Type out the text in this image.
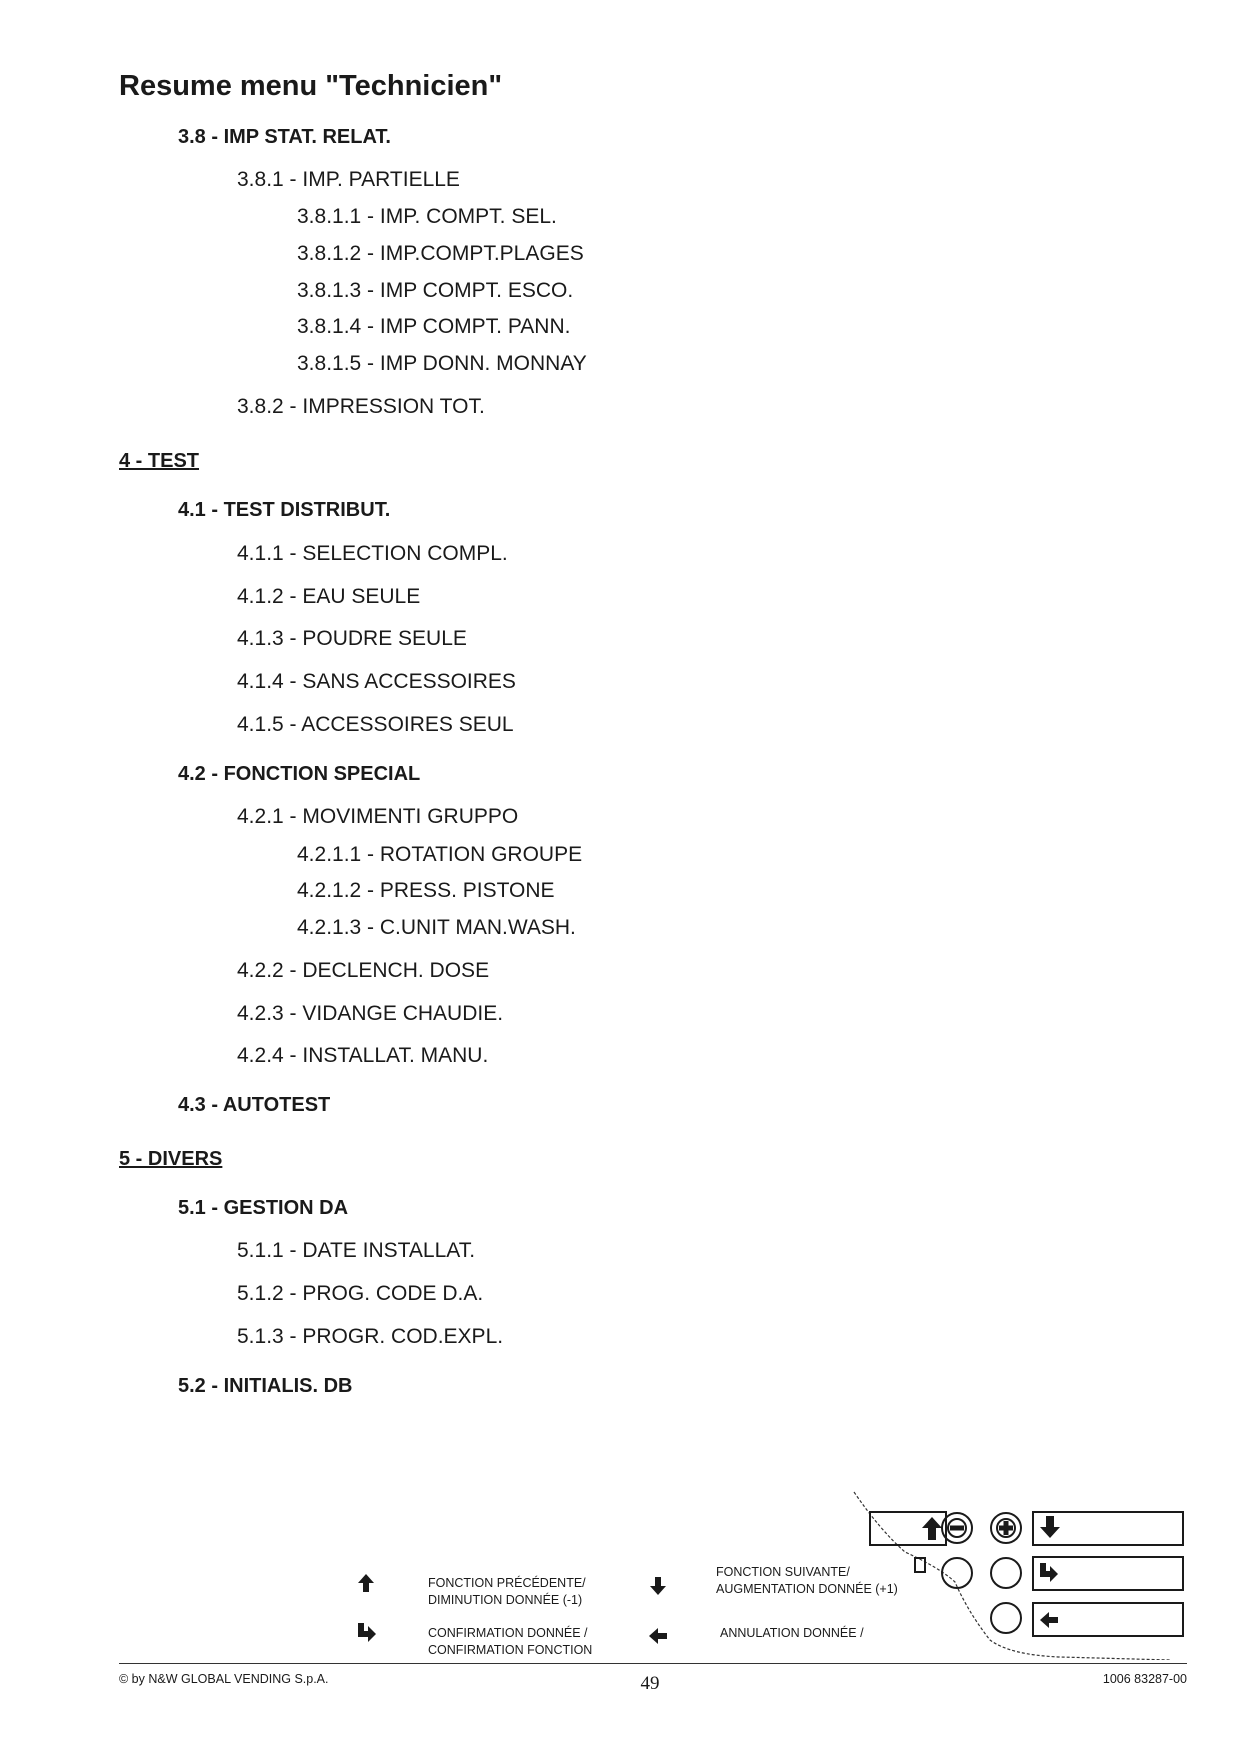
Resume menu "Technicien"
3.8 - IMP STAT. RELAT.
3.8.1 - IMP. PARTIELLE
3.8.1.1 - IMP. COMPT. SEL.
3.8.1.2 - IMP.COMPT.PLAGES
3.8.1.3 - IMP COMPT. ESCO.
3.8.1.4 - IMP COMPT. PANN.
3.8.1.5 - IMP DONN. MONNAY
3.8.2 - IMPRESSION TOT.
4 - TEST
4.1 - TEST DISTRIBUT.
4.1.1 - SELECTION COMPL.
4.1.2 - EAU SEULE
4.1.3 - POUDRE SEULE
4.1.4 - SANS ACCESSOIRES
4.1.5 - ACCESSOIRES SEUL
4.2 - FONCTION SPECIAL
4.2.1 - MOVIMENTI GRUPPO
4.2.1.1 - ROTATION GROUPE
4.2.1.2 - PRESS. PISTONE
4.2.1.3 - C.UNIT MAN.WASH.
4.2.2 - DECLENCH. DOSE
4.2.3 - VIDANGE CHAUDIE.
4.2.4 - INSTALLAT. MANU.
4.3 - AUTOTEST
5 - DIVERS
5.1 - GESTION DA
5.1.1 - DATE INSTALLAT.
5.1.2 - PROG. CODE D.A.
5.1.3 - PROGR. COD.EXPL.
5.2 - INITIALIS. DB
FONCTION PRÉCÉDENTE/
DIMINUTION DONNÉE (-1)
FONCTION SUIVANTE/
AUGMENTATION DONNÉE (+1)
CONFIRMATION DONNÉE /
CONFIRMATION FONCTION
ANNULATION DONNÉE /
© by N&W GLOBAL VENDING S.p.A.	49	1006 83287-00
